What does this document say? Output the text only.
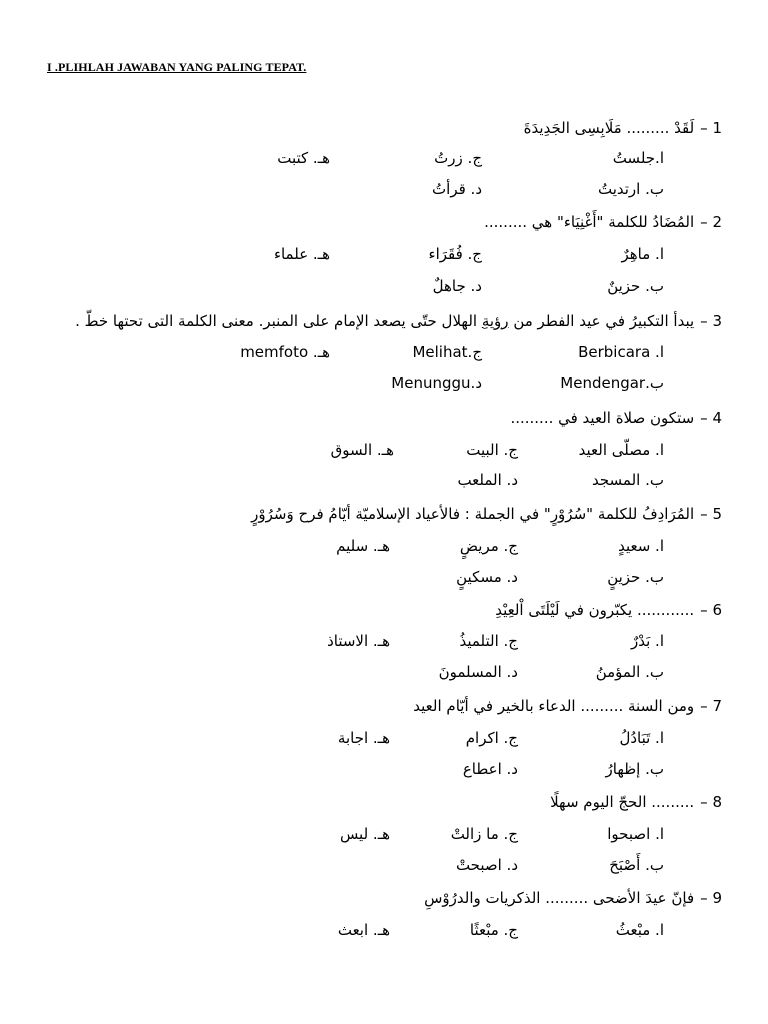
I .PLIHLAH JAWABAN YANG PALING TEPAT.
1 –لَقَدْ ......... مَلَابِسِى الجَدِيدَةَ
ا.جلستُ
ج. زرتُ
هـ. كتبت
ب. ارتديتُ
د. قرأتُ
2 –المُضَادُ للكلمة "أَغْنِيَاء" هي .........
ا. ماهِرٌ
ج. فُقَرَاء
هـ. علماء
ب. حزينٌ
د. جاهلٌ
3 –يبدأ التكبيرُ في عيد الفطر من رؤيةِ الهلال حتّى يصعد الإمام على المنبر. معنى الكلمة التى تحتها خطّ .
ا. Berbicara
ج.Melihat
هـ. memfoto
ب.Mendengar
د.Menunggu
4 –ستكون صلاة العيد في .........
ا. مصلّى العيد
ج. البيت
هـ. السوق
ب. المسجد
د. الملعب
5 –المُرَادِفُ للكلمة "سُرُوْرٍ" في الجملة : فالأعياد الإسلاميّة أيّامُ فرح وَسُرُوْرٍ
ا. سعيدٍ
ج. مريضٍ
هـ. سليم
ب. حزينٍ
د. مسكينٍ
6 –............ يكبّرون في لَيْلَتَى اْلعِيْدِ
ا. بَدْرٌ
ج. التلميذُ
هـ. الاستاذ
ب. المؤمنُ
د. المسلمونَ
7 –ومن السنة ......... الدعاء بالخير في أيّام العيد
ا. تَبَادُلُ
ج. اكرام
هـ. اجابة
ب. إظهارُ
د. اعطاع
8 –......... الحجّ اليوم سهلًا
ا. اصبحوا
ج. ما زالتْ
هـ. ليس
ب. أَصْبَحَ
د. اصبحتْ
9 –فإنّ عيدَ الأضحى ......... الذكريات والدرُوْسِ
ا. مبْعثُ
ج. مبْعثًا
هـ. ابعث
